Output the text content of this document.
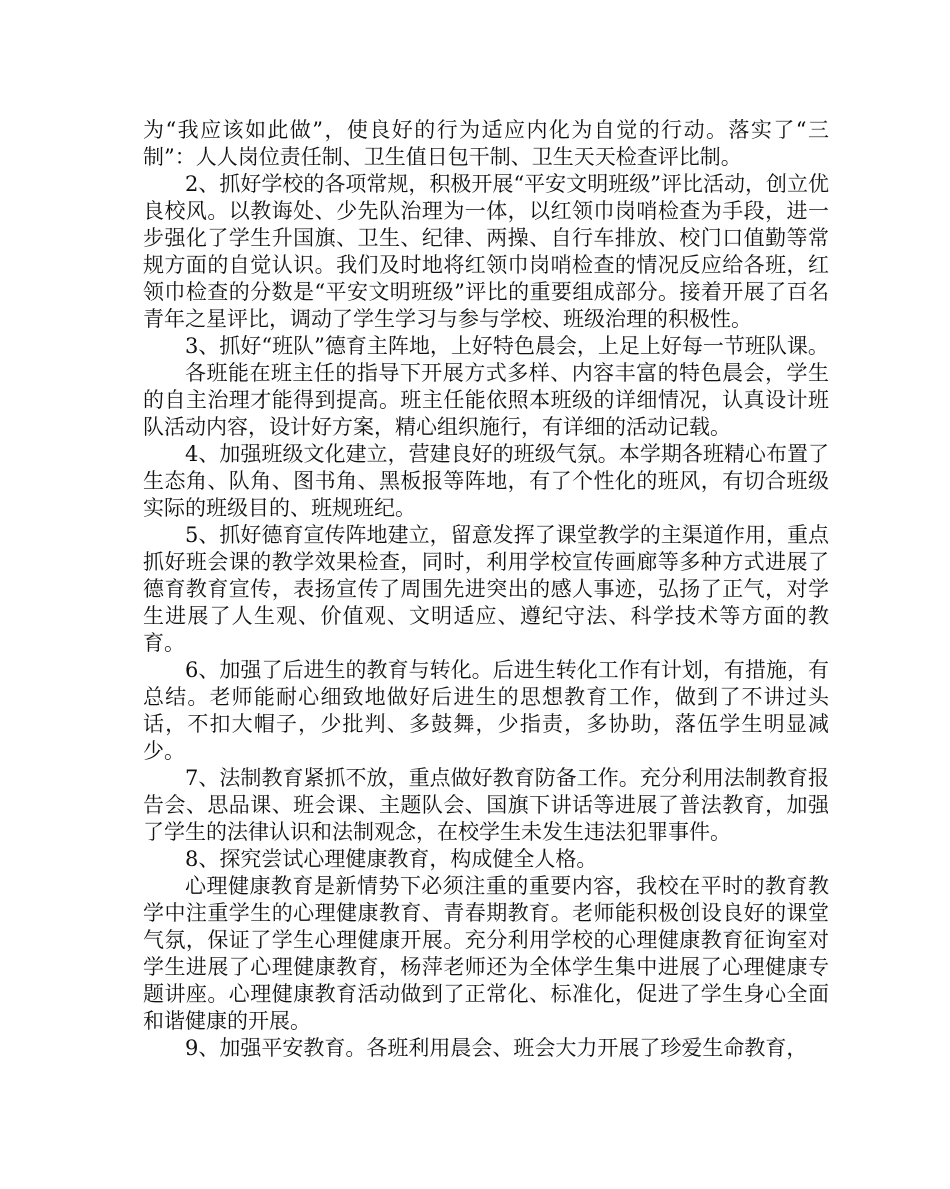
为“我应该如此做”，使良好的行为适应内化为自觉的行动。落实了“三制”：人人岗位责任制、卫生值日包干制、卫生天天检查评比制。

2、抓好学校的各项常规，积极开展“平安文明班级”评比活动，创立优良校风。以教诲处、少先队治理为一体，以红领巾岗哨检查为手段，进一步强化了学生升国旗、卫生、纪律、两操、自行车排放、校门口值勤等常规方面的自觉认识。我们及时地将红领巾岗哨检查的情况反应给各班，红领巾检查的分数是“平安文明班级”评比的重要组成部分。接着开展了百名青年之星评比，调动了学生学习与参与学校、班级治理的积极性。

3、抓好“班队”德育主阵地，上好特色晨会，上足上好每一节班队课。

各班能在班主任的指导下开展方式多样、内容丰富的特色晨会，学生的自主治理才能得到提高。班主任能依照本班级的详细情况，认真设计班队活动内容，设计好方案，精心组织施行，有详细的活动记载。

4、加强班级文化建立，营建良好的班级气氛。本学期各班精心布置了生态角、队角、图书角、黑板报等阵地，有了个性化的班风，有切合班级实际的班级目的、班规班纪。

5、抓好德育宣传阵地建立，留意发挥了课堂教学的主渠道作用，重点抓好班会课的教学效果检查，同时，利用学校宣传画廊等多种方式进展了德育教育宣传，表扬宣传了周围先进突出的感人事迹，弘扬了正气，对学生进展了人生观、价值观、文明适应、遵纪守法、科学技术等方面的教育。

6、加强了后进生的教育与转化。后进生转化工作有计划，有措施，有总结。老师能耐心细致地做好后进生的思想教育工作，做到了不讲过头话，不扣大帽子，少批判、多鼓舞，少指责，多协助，落伍学生明显减少。

7、法制教育紧抓不放，重点做好教育防备工作。充分利用法制教育报告会、思品课、班会课、主题队会、国旗下讲话等进展了普法教育，加强了学生的法律认识和法制观念，在校学生未发生违法犯罪事件。

8、探究尝试心理健康教育，构成健全人格。

心理健康教育是新情势下必须注重的重要内容，我校在平时的教育教学中注重学生的心理健康教育、青春期教育。老师能积极创设良好的课堂气氛，保证了学生心理健康开展。充分利用学校的心理健康教育征询室对学生进展了心理健康教育，杨萍老师还为全体学生集中进展了心理健康专题讲座。心理健康教育活动做到了正常化、标准化，促进了学生身心全面和谐健康的开展。

9、加强平安教育。各班利用晨会、班会大力开展了珍爱生命教育，
